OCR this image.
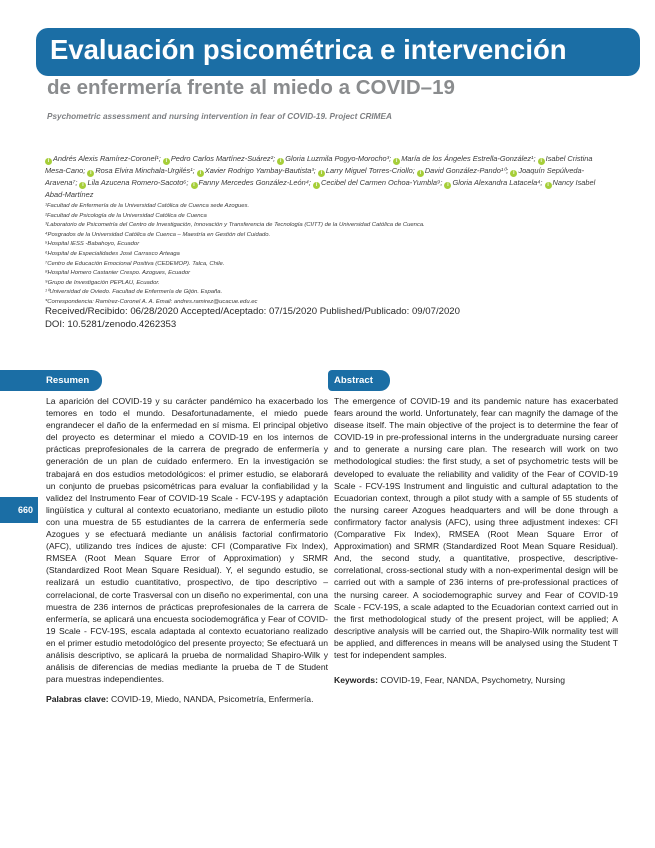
Evaluación psicométrica e intervención
de enfermería frente al miedo a COVID–19
Psychometric assessment and nursing intervention in fear of COVID-19. Project CRIMEA
i Andrés Alexis Ramírez-Coronel¹; i Pedro Carlos Martínez-Suárez²; i Gloria Luzmila Pogyo-Morocho³; i María de los Ángeles Estrella-González¹; i Isabel Cristina Mesa-Cano; i Rosa Elvira Minchala-Urgilés¹; i Xavier Rodrigo Yambay-Bautista³; i Larry Miguel Torres-Criollo; i David González-Pando¹⁰; i Joaquín Sepúlveda-Aravena⁷; i Lila Azucena Romero-Sacoto⁶; i Fanny Mercedes González-León⁴; i Cecibel del Carmen Ochoa-Yumbla⁹; i Gloria Alexandra Latacela⁴; i Nancy Isabel Abad-Martínez
¹Facultad de Enfermería de la Universidad Católica de Cuenca sede Azogues.
²Facultad de Psicología de la Universidad Católica de Cuenca
³Laboratorio de Psicometría del Centro de Investigación, Innovación y Transferencia de Tecnología (CIITT) de la Universidad Católica de Cuenca.
⁴Posgrados de la Universidad Católica de Cuenca – Maestría en Gestión del Cuidado.
⁵Hospital IESS -Babahoyo, Ecuador
⁶Hospital de Especialidades José Carrasco Arteaga
⁷Centro de Educación Emocional Positiva (CEDEMOP). Talca, Chile.
⁸Hospital Homero Castanier Crespo. Azogues, Ecuador
⁹Grupo de Investigación PEPLAU, Ecuador.
¹⁰Universidad de Oviedo. Facultad de Enfermería de Gijón. España.
*Correspondencia: Ramírez-Coronel A. A. Email: andres.ramirez@ucacue.edu.ec
Received/Recibido: 06/28/2020 Accepted/Aceptado: 07/15/2020 Published/Publicado: 09/07/2020
DOI: 10.5281/zenodo.4262353
Resumen	Abstract
660

La aparición del COVID-19 y su carácter pandémico ha exacerbado los temores en todo el mundo. Desafortunadamente, el miedo puede engrandecer el daño de la enfermedad en sí misma. El principal objetivo del proyecto es determinar el miedo a COVID-19 en los internos de prácticas preprofesionales de la carrera de pregrado de enfermería y generación de un plan de cuidado enfermero. En la investigación se trabajará en dos estudios metodológicos: el primer estudio, se elaborará un conjunto de pruebas psicométricas para evaluar la confiabilidad y la validez del Instrumento Fear of COVID-19 Scale - FCV-19S y adaptación lingüística y cultural al contexto ecuatoriano, mediante un estudio piloto con una muestra de 55 estudiantes de la carrera de enfermería sede Azogues y se efectuará mediante un análisis factorial confirmatorio (AFC), utilizando tres índices de ajuste: CFI (Comparative Fix Index), RMSEA (Root Mean Square Error of Approximation) y SRMR (Standardized Root Mean Square Residual). Y, el segundo estudio, se realizará un estudio cuantitativo, prospectivo, de tipo descriptivo – correlacional, de corte Trasversal con un diseño no experimental, con una muestra de 236 internos de prácticas preprofesionales de la carrera de enfermería, se aplicará una encuesta sociodemográfica y Fear of COVID-19 Scale - FCV-19S, escala adaptada al contexto ecuatoriano realizado en el primer estudio metodológico del presente proyecto; Se efectuará un análisis descriptivo, se aplicará la prueba de normalidad Shapiro-Wilk y análisis de diferencias de medias mediante la prueba de T de Student para muestras independientes.

Palabras clave: COVID-19, Miedo, NANDA, Psicometría, Enfermería.

The emergence of COVID-19 and its pandemic nature has exacerbated fears around the world. Unfortunately, fear can magnify the damage of the disease itself. The main objective of the project is to determine the fear of COVID-19 in pre-professional interns in the undergraduate nursing career and to generate a nursing care plan. The research will work on two methodological studies: the first study, a set of psychometric tests will be developed to evaluate the reliability and validity of the Fear of COVID-19 Scale - FCV-19S Instrument and linguistic and cultural adaptation to the Ecuadorian context, through a pilot study with a sample of 55 students of the nursing career Azogues headquarters and will be done through a confirmatory factor analysis (AFC), using three adjustment indexes: CFI (Comparative Fix Index), RMSEA (Root Mean Square Error of Approximation) and SRMR (Standardized Root Mean Square Residual). And, the second study, a quantitative, prospective, descriptive-correlational, cross-sectional study with a non-experimental design will be carried out with a sample of 236 interns of pre-professional practices of the nursing career. A sociodemographic survey and Fear of COVID-19 Scale - FCV-19S, a scale adapted to the Ecuadorian context carried out in the first methodological study of the present project, will be applied; A descriptive analysis will be carried out, the Shapiro-Wilk normality test will be applied, and differences in means will be analysed using the Student T test for independent samples.

Keywords: COVID-19, Fear, NANDA, Psychometry, Nursing
